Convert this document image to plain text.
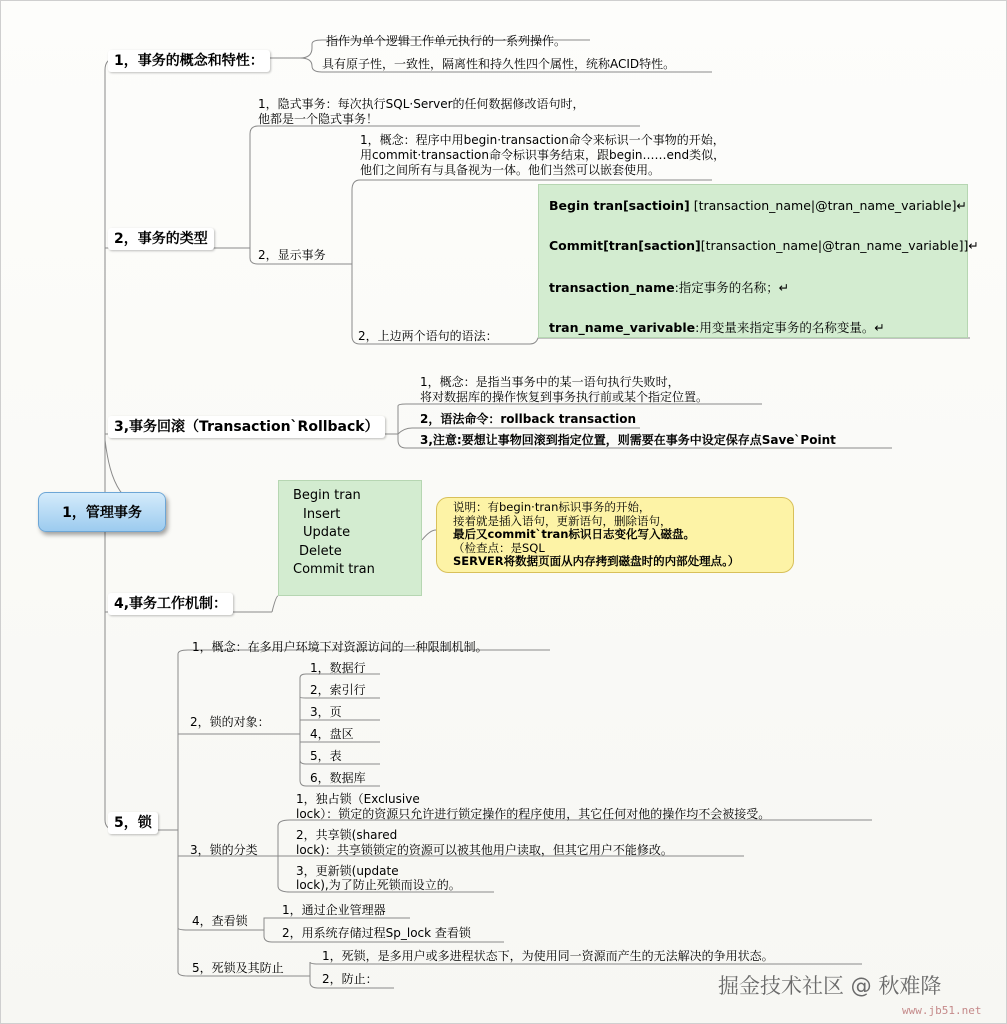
1，管理事务
1，事务的概念和特性：
指作为单个逻辑工作单元执行的一系列操作。
具有原子性，一致性，隔离性和持久性四个属性，统称ACID特性。
2，事务的类型
1，隐式事务：每次执行SQL·Server的任何数据修改语句时，
他都是一个隐式事务！
2，显示事务
1，概念：程序中用begin·transaction命令来标识一个事物的开始，
用commit·transaction命令标识事务结束，跟begin……end类似，
他们之间所有与具备视为一体。他们当然可以嵌套使用。
2，上边两个语句的语法：
Begin tran[sactioin] [transaction_name|@tran_name_variable]↵
Commit[tran[saction][transaction_name|@tran_name_variable]]↵
transaction_name:指定事务的名称；↵
tran_name_varivable:用变量来指定事务的名称变量。↵
3,事务回滚（Transaction`Rollback）
1，概念：是指当事务中的某一语句执行失败时，
将对数据库的操作恢复到事务执行前或某个指定位置。
2，语法命令：rollback transaction
3,注意:要想让事物回滚到指定位置，则需要在事务中设定保存点Save`Point
4,事务工作机制：
Begin tran
Insert
Update
Delete
Commit tran
说明：有begin·tran标识事务的开始，
接着就是插入语句，更新语句，删除语句，
最后又commit`tran标识日志变化写入磁盘。
（检查点：是SQL
SERVER将数据页面从内存拷到磁盘时的内部处理点。）
5，锁
1，概念：在多用户环境下对资源访问的一种限制机制。
2，锁的对象：
1，数据行
2，索引行
3，页
4，盘区
5，表
6，数据库
3，锁的分类
1，独占锁（Exclusive
lock）：锁定的资源只允许进行锁定操作的程序使用，其它任何对他的操作均不会被接受。
2，共享锁(shared
lock)：共享锁锁定的资源可以被其他用户读取，但其它用户不能修改。
3，更新锁(update
lock),为了防止死锁而设立的。
4，查看锁
1，通过企业管理器
2，用系统存储过程Sp_lock 查看锁
5，死锁及其防止
1，死锁，是多用户或多进程状态下，为使用同一资源而产生的无法解决的争用状态。
2，防止：	掘金技术社区 @ 秋难降
www.jb51.net
